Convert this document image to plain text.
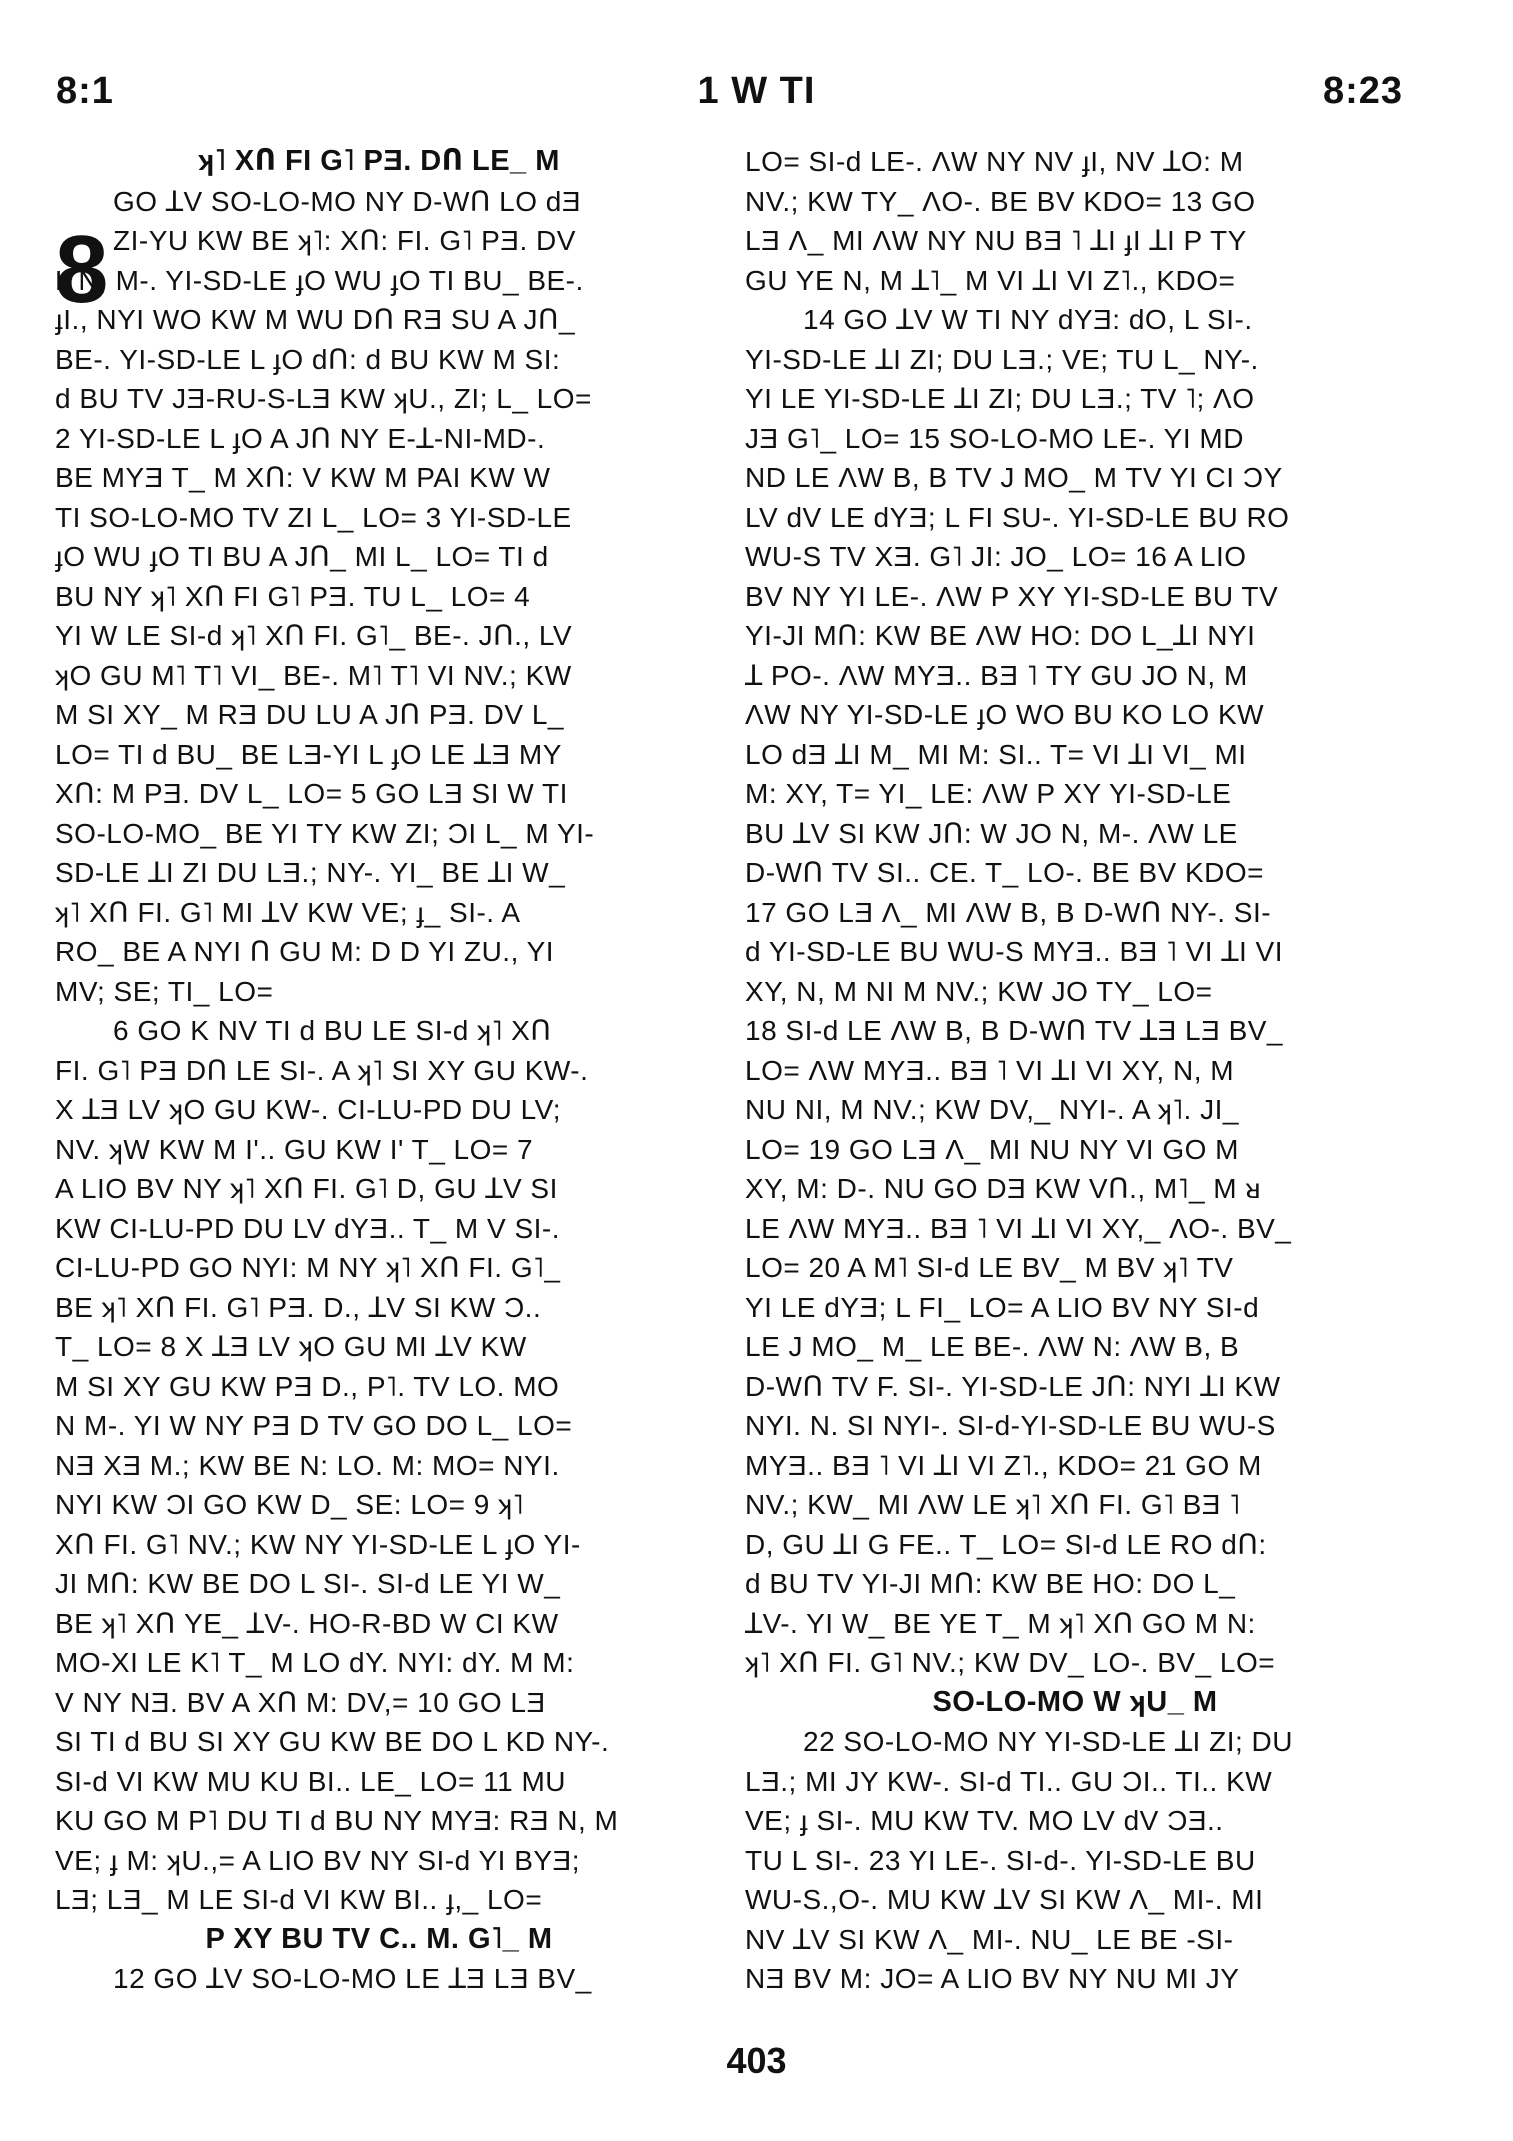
8:1	1 W TI	8:23
ʞ˥ XՈ FI G˥ PƎ. DՈ LE_ M
8
GO ꓕV SO-LO-MO NY D-WՈ LO dƎ
ZI-YU KW BE ʞ˥: XՈ: FI. G˥ PƎ. DV
L N, M-. YI-SD-LE ɟO WU ɟO TI BU_ BE-.
ɟI., NYI WO KW M WU DՈ RƎ SU A JՈ_
BE-. YI-SD-LE L ɟO dՈ: d BU KW M SI:
d BU TV JƎ-RU-S-LƎ KW ʞU., ZI; L_ LO=
2 YI-SD-LE L ɟO A JՈ NY E-ꓕ-NI-MD-.
BE MYƎ T_ M XՈ: V KW M PAI KW W
TI SO-LO-MO TV ZI L_ LO= 3 YI-SD-LE
ɟO WU ɟO TI BU A JՈ_ MI L_ LO= TI d
BU NY ʞ˥ XՈ FI G˥ PƎ. TU L_ LO= 4
YI W LE SI-d ʞ˥ XՈ FI. G˥_ BE-. JՈ., LV
ʞO GU M˥ T˥ VI_ BE-. M˥ T˥ VI NV.; KW
M SI XY_ M RƎ DU LU A JՈ PƎ. DV L_
LO= TI d BU_ BE LƎ-YI L ɟO LE ꓕƎ MY
XՈ: M PƎ. DV L_ LO= 5 GO LƎ SI W TI
SO-LO-MO_ BE YI TY KW ZI; ƆI L_ M YI-
SD-LE ꓕI ZI DU LƎ.; NY-. YI_ BE ꓕI W_
ʞ˥ XՈ FI. G˥ MI ꓕV KW VE; ɟ_ SI-. A
RO_ BE A NYI Ո GU M: D D YI ZU., YI
MV; SE; TI_ LO=
6 GO K NV TI d BU LE SI-d ʞ˥ XՈ
FI. G˥ PƎ DՈ LE SI-. A ʞ˥ SI XY GU KW-.
X ꓕƎ LV ʞO GU KW-. CI-LU-PD DU LV;
NV. ʞW KW M I'.. GU KW I' T_ LO= 7
A LIO BV NY ʞ˥ XՈ FI. G˥ D, GU ꓕV SI
KW CI-LU-PD DU LV dYƎ.. T_ M V SI-.
CI-LU-PD GO NYI: M NY ʞ˥ XՈ FI. G˥_
BE ʞ˥ XՈ FI. G˥ PƎ. D., ꓕV SI KW Ɔ..
T_ LO= 8 X ꓕƎ LV ʞO GU MI ꓕV KW
M SI XY GU KW PƎ D., P˥. TV LO. MO
N M-. YI W NY PƎ D TV GO DO L_ LO=
NƎ XƎ M.; KW BE N: LO. M: MO= NYI.
NYI KW ƆI GO KW D_ SE: LO= 9 ʞ˥
XՈ FI. G˥ NV.; KW NY YI-SD-LE L ɟO YI-
JI MՈ: KW BE DO L SI-. SI-d LE YI W_
BE ʞ˥ XՈ YE_ ꓕV-. HO-R-BD W CI KW
MO-XI LE K˥ T_ M LO dY. NYI: dY. M M:
V NY NƎ. BV A XՈ M: DV,= 10 GO LƎ
SI TI d BU SI XY GU KW BE DO L KD NY-.
SI-d VI KW MU KU BI.. LE_ LO= 11 MU
KU GO M P˥ DU TI d BU NY MYƎ: RƎ N, M
VE; ɟ M: ʞU.,= A LIO BV NY SI-d YI BYƎ;
LƎ; LƎ_ M LE SI-d VI KW BI.. ɟ,_ LO=
P XY BU TV C.. M. G˥_ M
12 GO ꓕV SO-LO-MO LE ꓕƎ LƎ BV_
LO= SI-d LE-. ΛW NY NV ɟI, NV ꓕO: M
NV.; KW TY_ ΛO-. BE BV KDO= 13 GO
LƎ Λ_ MI ΛW NY NU BƎ ˥ ꓕI ɟI ꓕI P TY
GU YE N, M ꓕ˥_ M VI ꓕI VI Z˥., KDO=
14 GO ꓕV W TI NY dYƎ: dO, L SI-.
YI-SD-LE ꓕI ZI; DU LƎ.; VE; TU L_ NY-.
YI LE YI-SD-LE ꓕI ZI; DU LƎ.; TV ˥; ΛO
JƎ G˥_ LO= 15 SO-LO-MO LE-. YI MD
ND LE ΛW B, B TV J MO_ M TV YI CI ƆY
LV dV LE dYƎ; L FI SU-. YI-SD-LE BU RO
WU-S TV XƎ. G˥ JI: JO_ LO= 16 A LIO
BV NY YI LE-. ΛW P XY YI-SD-LE BU TV
YI-JI MՈ: KW BE ΛW HO: DO L_ꓕI NYI
ꓕ PO-. ΛW MYƎ.. BƎ ˥ TY GU JO N, M
ΛW NY YI-SD-LE ɟO WO BU KO LO KW
LO dƎ ꓕI M_ MI M: SI.. T= VI ꓕI VI_ MI
M: XY, T= YI_ LE: ΛW P XY YI-SD-LE
BU ꓕV SI KW JՈ: W JO N, M-. ΛW LE
D-WՈ TV SI.. CE. T_ LO-. BE BV KDO=
17 GO LƎ Λ_ MI ΛW B, B D-WՈ NY-. SI-
d YI-SD-LE BU WU-S MYƎ.. BƎ ˥ VI ꓕI VI
XY, N, M NI M NV.; KW JO TY_ LO=
18 SI-d LE ΛW B, B D-WՈ TV ꓕƎ LƎ BV_
LO= ΛW MYƎ.. BƎ ˥ VI ꓕI VI XY, N, M
NU NI, M NV.; KW DV,_ NYI-. A ʞ˥. JI_
LO= 19 GO LƎ Λ_ MI NU NY VI GO M
XY, M: D-. NU GO DƎ KW VՈ., M˥_ M ᴚ
LE ΛW MYƎ.. BƎ ˥ VI ꓕI VI XY,_ ΛO-. BV_
LO= 20 A M˥ SI-d LE BV_ M BV ʞ˥ TV
YI LE dYƎ; L FI_ LO= A LIO BV NY SI-d
LE J MO_ M_ LE BE-. ΛW N: ΛW B, B
D-WՈ TV F. SI-. YI-SD-LE JՈ: NYI ꓕI KW
NYI. N. SI NYI-. SI-d-YI-SD-LE BU WU-S
MYƎ.. BƎ ˥ VI ꓕI VI Z˥., KDO= 21 GO M
NV.; KW_ MI ΛW LE ʞ˥ XՈ FI. G˥ BƎ ˥
D, GU ꓕI G FE.. T_ LO= SI-d LE RO dՈ:
d BU TV YI-JI MՈ: KW BE HO: DO L_
ꓕV-. YI W_ BE YE T_ M ʞ˥ XՈ GO M N:
ʞ˥ XՈ FI. G˥ NV.; KW DV_ LO-. BV_ LO=
SO-LO-MO W ʞU_ M
22 SO-LO-MO NY YI-SD-LE ꓕI ZI; DU
LƎ.; MI JY KW-. SI-d TI.. GU ƆI.. TI.. KW
VE; ɟ SI-. MU KW TV. MO LV dV ƆƎ..
TU L SI-. 23 YI LE-. SI-d-. YI-SD-LE BU
WU-S.,O-. MU KW ꓕV SI KW Λ_ MI-. MI
NV ꓕV SI KW Λ_ MI-. NU_ LE BE -SI-
NƎ BV M: JO= A LIO BV NY NU MI JY
403
